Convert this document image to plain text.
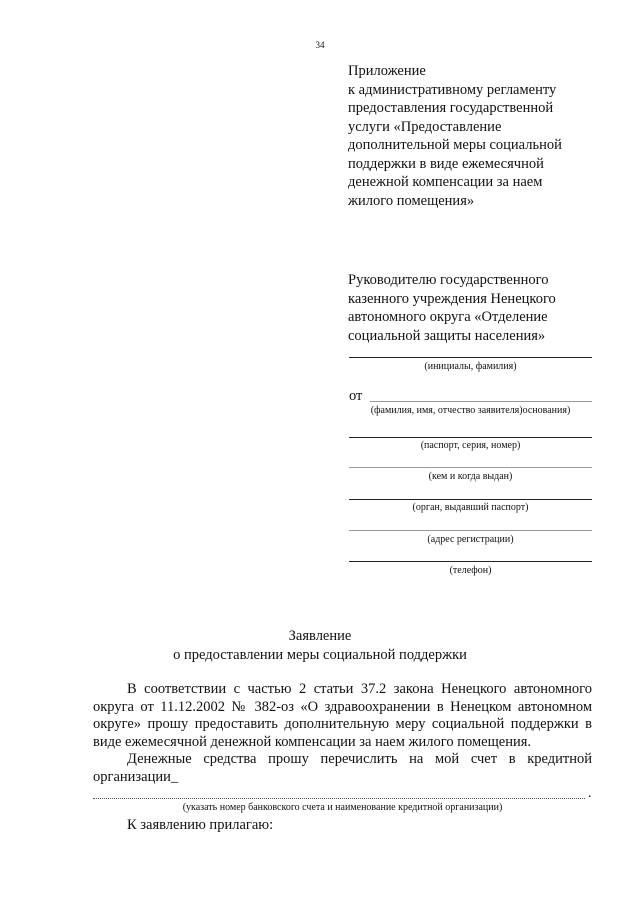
34
Приложение
к административному регламенту
предоставления государственной
услуги «Предоставление
дополнительной меры социальной
поддержки в виде ежемесячной
денежной компенсации за наем
жилого помещения»
Руководителю государственного
казенного учреждения Ненецкого
автономного округа «Отделение
социальной защиты населения»
(инициалы, фамилия)
от
(фамилия, имя, отчество заявителя)основания)
(паспорт, серия, номер)
(кем и когда выдан)
(орган, выдавший паспорт)
(адрес регистрации)
(телефон)
Заявление
о предоставлении меры социальной поддержки

В соответствии с частью 2 статьи 37.2 закона Ненецкого автономного округа от 11.12.2002 № 382-оз «О здравоохранении в Ненецком автономном округе» прошу предоставить дополнительную меру социальной поддержки в виде ежемесячной денежной компенсации за наем жилого помещения.

Денежные средства прошу перечислить на мой счет в кредитной организации_

.
(указать номер банковского счета и наименование кредитной организации)
К заявлению прилагаю:
